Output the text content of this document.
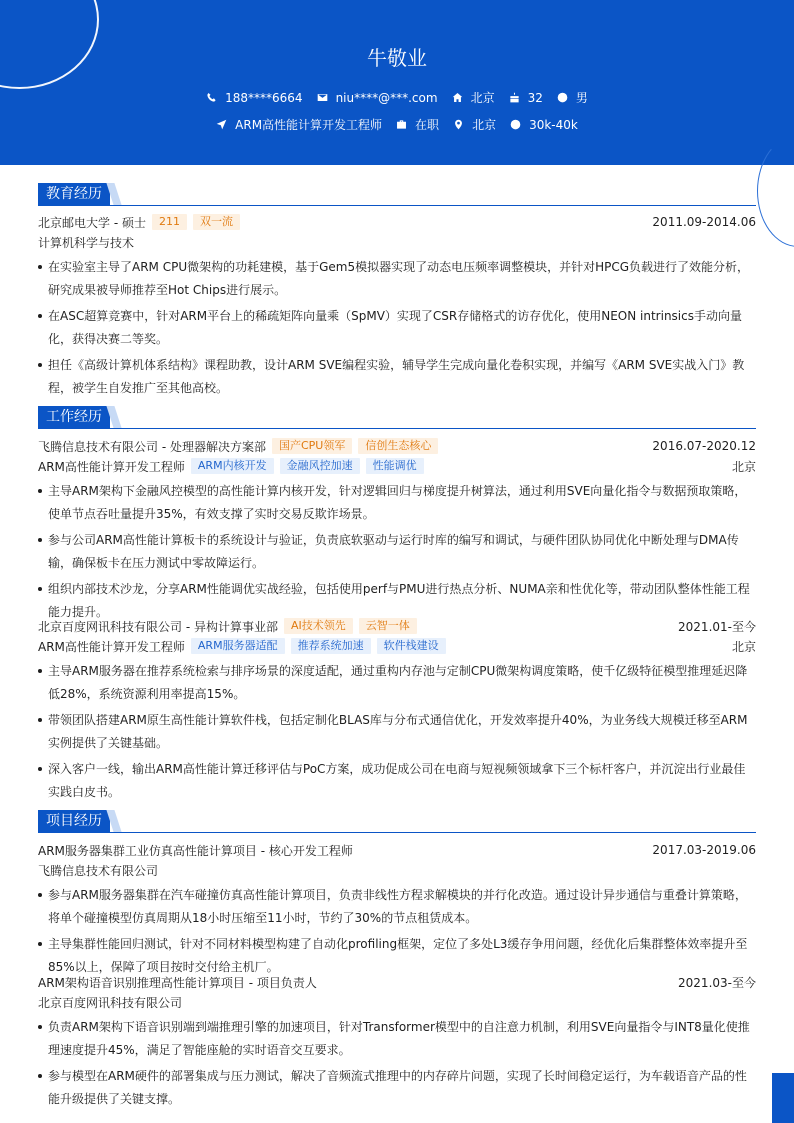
牛敬业
188****6664	niu****@***.com	北京	32	男
ARM高性能计算开发工程师	在职	北京	30k-40k
教育经历
北京邮电大学 - 硕士	211	双一流	2011.09-2014.06
计算机科学与技术
在实验室主导了ARM CPU微架构的功耗建模，基于Gem5模拟器实现了动态电压频率调整模块，并针对HPCG负载进行了效能分析，研究成果被导师推荐至Hot Chips进行展示。
在ASC超算竞赛中，针对ARM平台上的稀疏矩阵向量乘（SpMV）实现了CSR存储格式的访存优化，使用NEON intrinsics手动向量化，获得决赛二等奖。
担任《高级计算机体系结构》课程助教，设计ARM SVE编程实验，辅导学生完成向量化卷积实现，并编写《ARM SVE实战入门》教程，被学生自发推广至其他高校。
工作经历
飞腾信息技术有限公司 - 处理器解决方案部	国产CPU领军	信创生态核心	2016.07-2020.12
ARM高性能计算开发工程师	ARM内核开发	金融风控加速	性能调优	北京
主导ARM架构下金融风控模型的高性能计算内核开发，针对逻辑回归与梯度提升树算法，通过利用SVE向量化指令与数据预取策略，使单节点吞吐量提升35%，有效支撑了实时交易反欺诈场景。
参与公司ARM高性能计算板卡的系统设计与验证，负责底软驱动与运行时库的编写和调试，与硬件团队协同优化中断处理与DMA传输，确保板卡在压力测试中零故障运行。
组织内部技术沙龙，分享ARM性能调优实战经验，包括使用perf与PMU进行热点分析、NUMA亲和性优化等，带动团队整体性能工程能力提升。
北京百度网讯科技有限公司 - 异构计算事业部	AI技术领先	云智一体	2021.01-至今
ARM高性能计算开发工程师	ARM服务器适配	推荐系统加速	软件栈建设	北京
主导ARM服务器在推荐系统检索与排序场景的深度适配，通过重构内存池与定制CPU微架构调度策略，使千亿级特征模型推理延迟降低28%，系统资源利用率提高15%。
带领团队搭建ARM原生高性能计算软件栈，包括定制化BLAS库与分布式通信优化，开发效率提升40%，为业务线大规模迁移至ARM实例提供了关键基础。
深入客户一线，输出ARM高性能计算迁移评估与PoC方案，成功促成公司在电商与短视频领域拿下三个标杆客户，并沉淀出行业最佳实践白皮书。
项目经历
ARM服务器集群工业仿真高性能计算项目 - 核心开发工程师	2017.03-2019.06
飞腾信息技术有限公司
参与ARM服务器集群在汽车碰撞仿真高性能计算项目，负责非线性方程求解模块的并行化改造。通过设计异步通信与重叠计算策略，将单个碰撞模型仿真周期从18小时压缩至11小时，节约了30%的节点租赁成本。
主导集群性能回归测试，针对不同材料模型构建了自动化profiling框架，定位了多处L3缓存争用问题，经优化后集群整体效率提升至85%以上，保障了项目按时交付给主机厂。
ARM架构语音识别推理高性能计算项目 - 项目负责人	2021.03-至今
北京百度网讯科技有限公司
负责ARM架构下语音识别端到端推理引擎的加速项目，针对Transformer模型中的自注意力机制，利用SVE向量指令与INT8量化使推理速度提升45%，满足了智能座舱的实时语音交互要求。
参与模型在ARM硬件的部署集成与压力测试，解决了音频流式推理中的内存碎片问题，实现了长时间稳定运行，为车载语音产品的性能升级提供了关键支撑。
